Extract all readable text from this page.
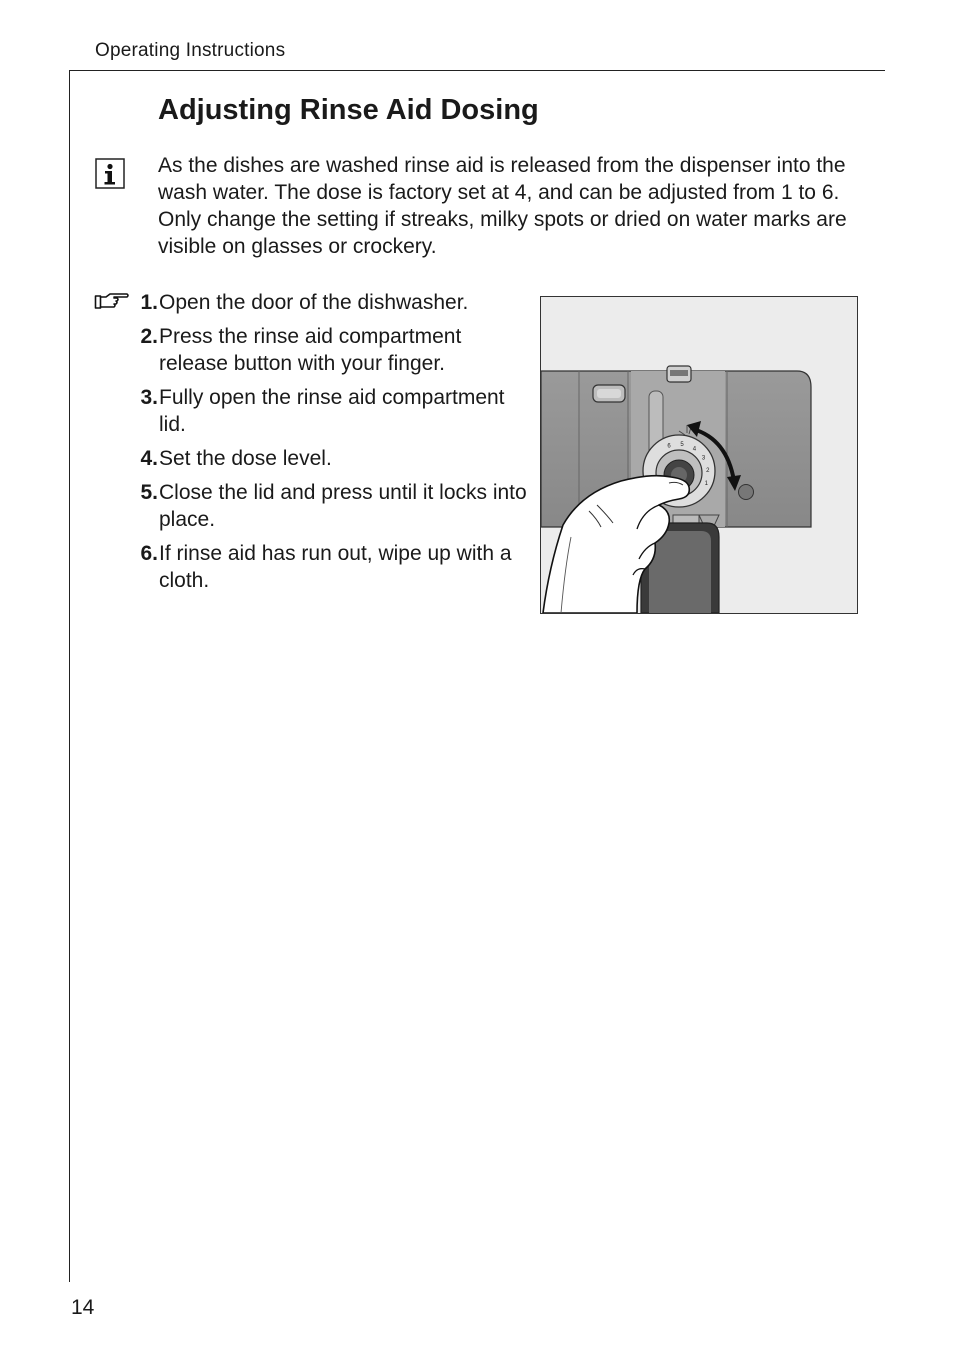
Operating Instructions
Adjusting Rinse Aid Dosing

As the dishes are washed rinse aid is released from the dispenser into the wash water. The dose is factory set at 4, and can be adjusted from 1 to 6. Only change the setting if streaks, milky spots or dried on water marks are visible on glasses or crockery.

1. Open the door of the dishwasher.
2. Press the rinse aid compartment release button with your finger.
3. Fully open the rinse aid compartment lid.
4. Set the dose level.
5. Close the lid and press until it locks into place.
6. If rinse aid has run out, wipe up with a cloth.
6 5
4
3
2
1
14
